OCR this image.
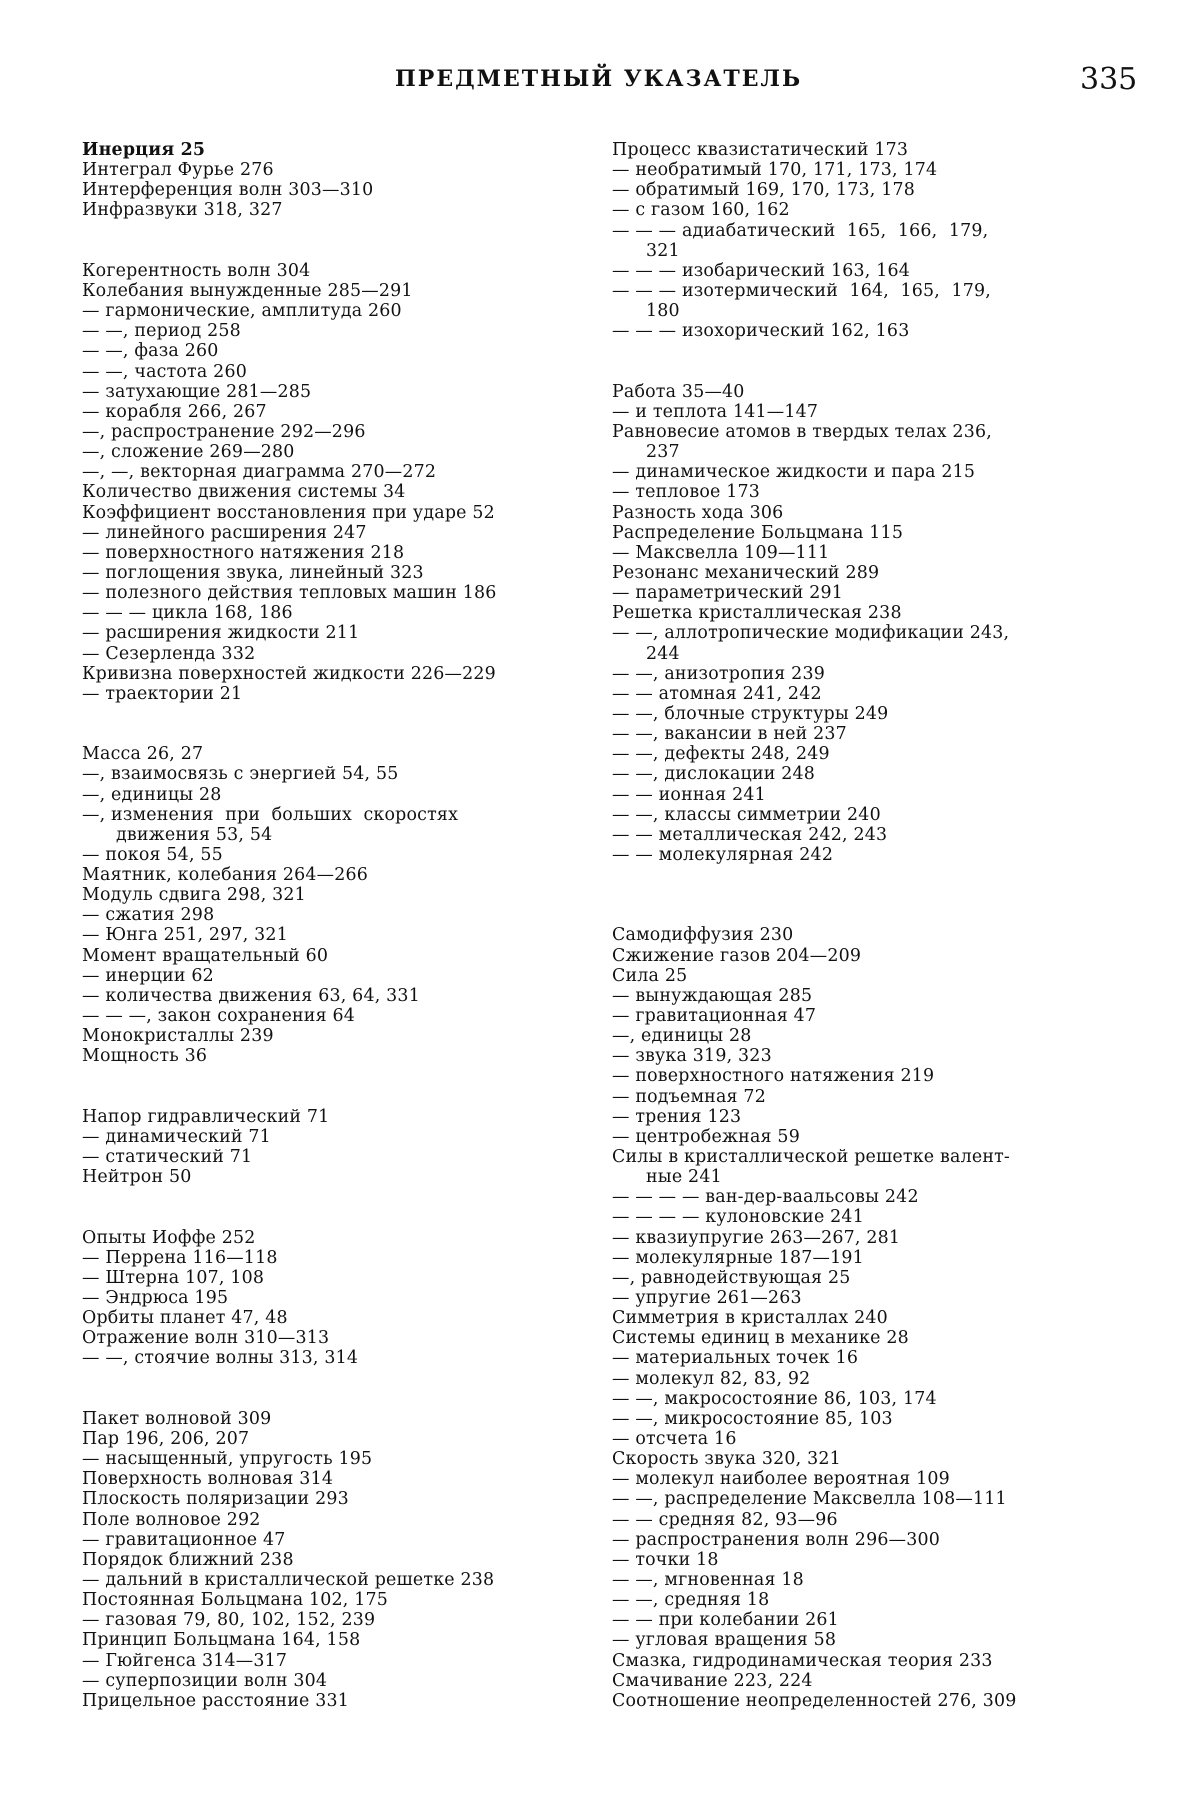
ПРЕДМЕТНЫЙ УКАЗАТЕЛЬ	335
Инерция 25
Интеграл Фурье 276
Интерференция волн 303—310
Инфразвуки 318, 327
Когерентность волн 304
Колебания вынужденные 285—291
— гармонические, амплитуда 260
— —, период 258
— —, фаза 260
— —, частота 260
— затухающие 281—285
— корабля 266, 267
—, распространение 292—296
—, сложение 269—280
—, —, векторная диаграмма 270—272
Количество движения системы 34
Коэффициент восстановления при ударе 52
— линейного расширения 247
— поверхностного натяжения 218
— поглощения звука, линейный 323
— полезного действия тепловых машин 186
— — — цикла 168, 186
— расширения жидкости 211
— Сезерленда 332
Кривизна поверхностей жидкости 226—229
— траектории 21
Масса 26, 27
—, взаимосвязь с энергией 54, 55
—, единицы 28
—, изменения  при  больших  скоростях
движения 53, 54
— покоя 54, 55
Маятник, колебания 264—266
Модуль сдвига 298, 321
— сжатия 298
— Юнга 251, 297, 321
Момент вращательный 60
— инерции 62
— количества движения 63, 64, 331
— — —, закон сохранения 64
Монокристаллы 239
Мощность 36
Напор гидравлический 71
— динамический 71
— статический 71
Нейтрон 50
Опыты Иоффе 252
— Перрена 116—118
— Штерна 107, 108
— Эндрюса 195
Орбиты планет 47, 48
Отражение волн 310—313
— —, стоячие волны 313, 314
Пакет волновой 309
Пар 196, 206, 207
— насыщенный, упругость 195
Поверхность волновая 314
Плоскость поляризации 293
Поле волновое 292
— гравитационное 47
Порядок ближний 238
— дальний в кристаллической решетке 238
Постоянная Больцмана 102, 175
— газовая 79, 80, 102, 152, 239
Принцип Больцмана 164, 158
— Гюйгенса 314—317
— суперпозиции волн 304
Прицельное расстояние 331
Процесс квазистатический 173
— необратимый 170, 171, 173, 174
— обратимый 169, 170, 173, 178
— с газом 160, 162
— — — адиабатический  165,  166,  179,
321
— — — изобарический 163, 164
— — — изотермический  164,  165,  179,
180
— — — изохорический 162, 163
Работа 35—40
— и теплота 141—147
Равновесие атомов в твердых телах 236,
237
— динамическое жидкости и пара 215
— тепловое 173
Разность хода 306
Распределение Больцмана 115
— Максвелла 109—111
Резонанс механический 289
— параметрический 291
Решетка кристаллическая 238
— —, аллотропические модификации 243,
244
— —, анизотропия 239
— — атомная 241, 242
— —, блочные структуры 249
— —, вакансии в ней 237
— —, дефекты 248, 249
— —, дислокации 248
— — ионная 241
— —, классы симметрии 240
— — металлическая 242, 243
— — молекулярная 242
Самодиффузия 230
Сжижение газов 204—209
Сила 25
— вынуждающая 285
— гравитационная 47
—, единицы 28
— звука 319, 323
— поверхностного натяжения 219
— подъемная 72
— трения 123
— центробежная 59
Силы в кристаллической решетке валент-
ные 241
— — — — ван-дер-ваальсовы 242
— — — — кулоновские 241
— квазиупругие 263—267, 281
— молекулярные 187—191
—, равнодействующая 25
— упругие 261—263
Симметрия в кристаллах 240
Системы единиц в механике 28
— материальных точек 16
— молекул 82, 83, 92
— —, макросостояние 86, 103, 174
— —, микросостояние 85, 103
— отсчета 16
Скорость звука 320, 321
— молекул наиболее вероятная 109
— —, распределение Максвелла 108—111
— — средняя 82, 93—96
— распространения волн 296—300
— точки 18
— —, мгновенная 18
— —, средняя 18
— — при колебании 261
— угловая вращения 58
Смазка, гидродинамическая теория 233
Смачивание 223, 224
Соотношение неопределенностей 276, 309
